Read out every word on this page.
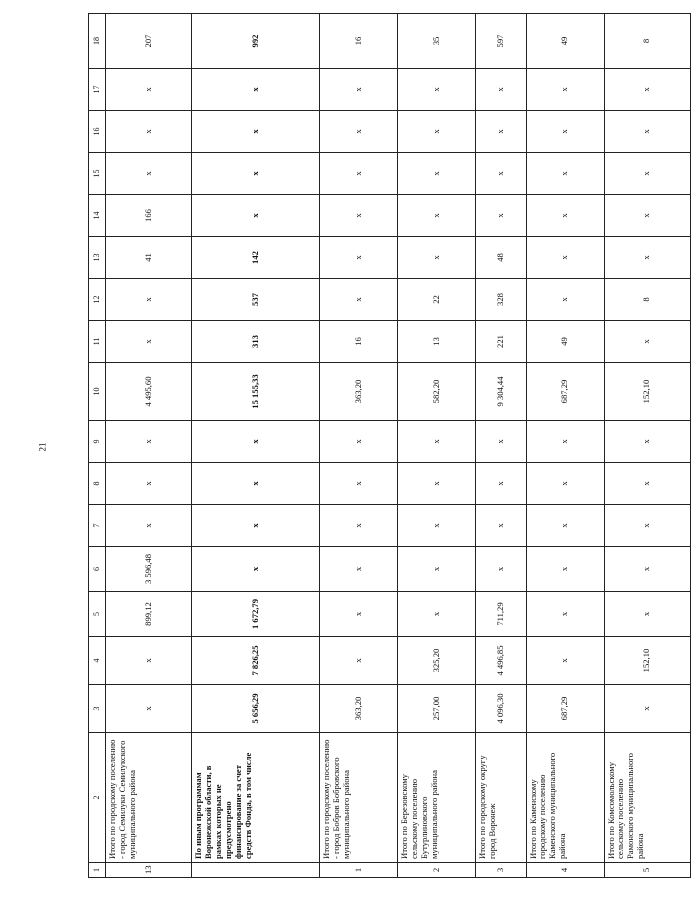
21
1	2	3	4	5	6	7	8	9	10	11	12	13	14	15	16	17	18
13	Итого по городскому поселению - город Семилуки Семилукского муниципального района	х	х	899,12	3 596,48	х	х	х	4 495,60	х	х	41	166	х	х	х	207
	По иным программам Воронежской области, в рамках которых не предусмотрено финансирование за счет средств Фонда, в том числе	5 656,29	7 826,25	1 672,79	х	х	х	х	15 155,33	313	537	142	х	х	х	х	992
1	Итого по городскому поселению - город Бобров Бобровского муниципального района	363,20	х	х	х	х	х	х	363,20	16	х	х	х	х	х	х	16
2	Итого по Березовскому сельскому поселению Бутурлиновского муниципального района	257,00	325,20	х	х	х	х	х	582,20	13	22	х	х	х	х	х	35
3	Итого по городскому округу город Воронеж	4 096,30	4 496,85	711,29	х	х	х	х	9 304,44	221	328	48	х	х	х	х	597
4	Итого по Каменскому городскому поселению Каменского муниципального района	687,29	х	х	х	х	х	х	687,29	49	х	х	х	х	х	х	49
5	Итого по Комсомольскому сельскому поселению Рамонского муниципального района	х	152,10	х	х	х	х	х	152,10	х	8	х	х	х	х	х	8
